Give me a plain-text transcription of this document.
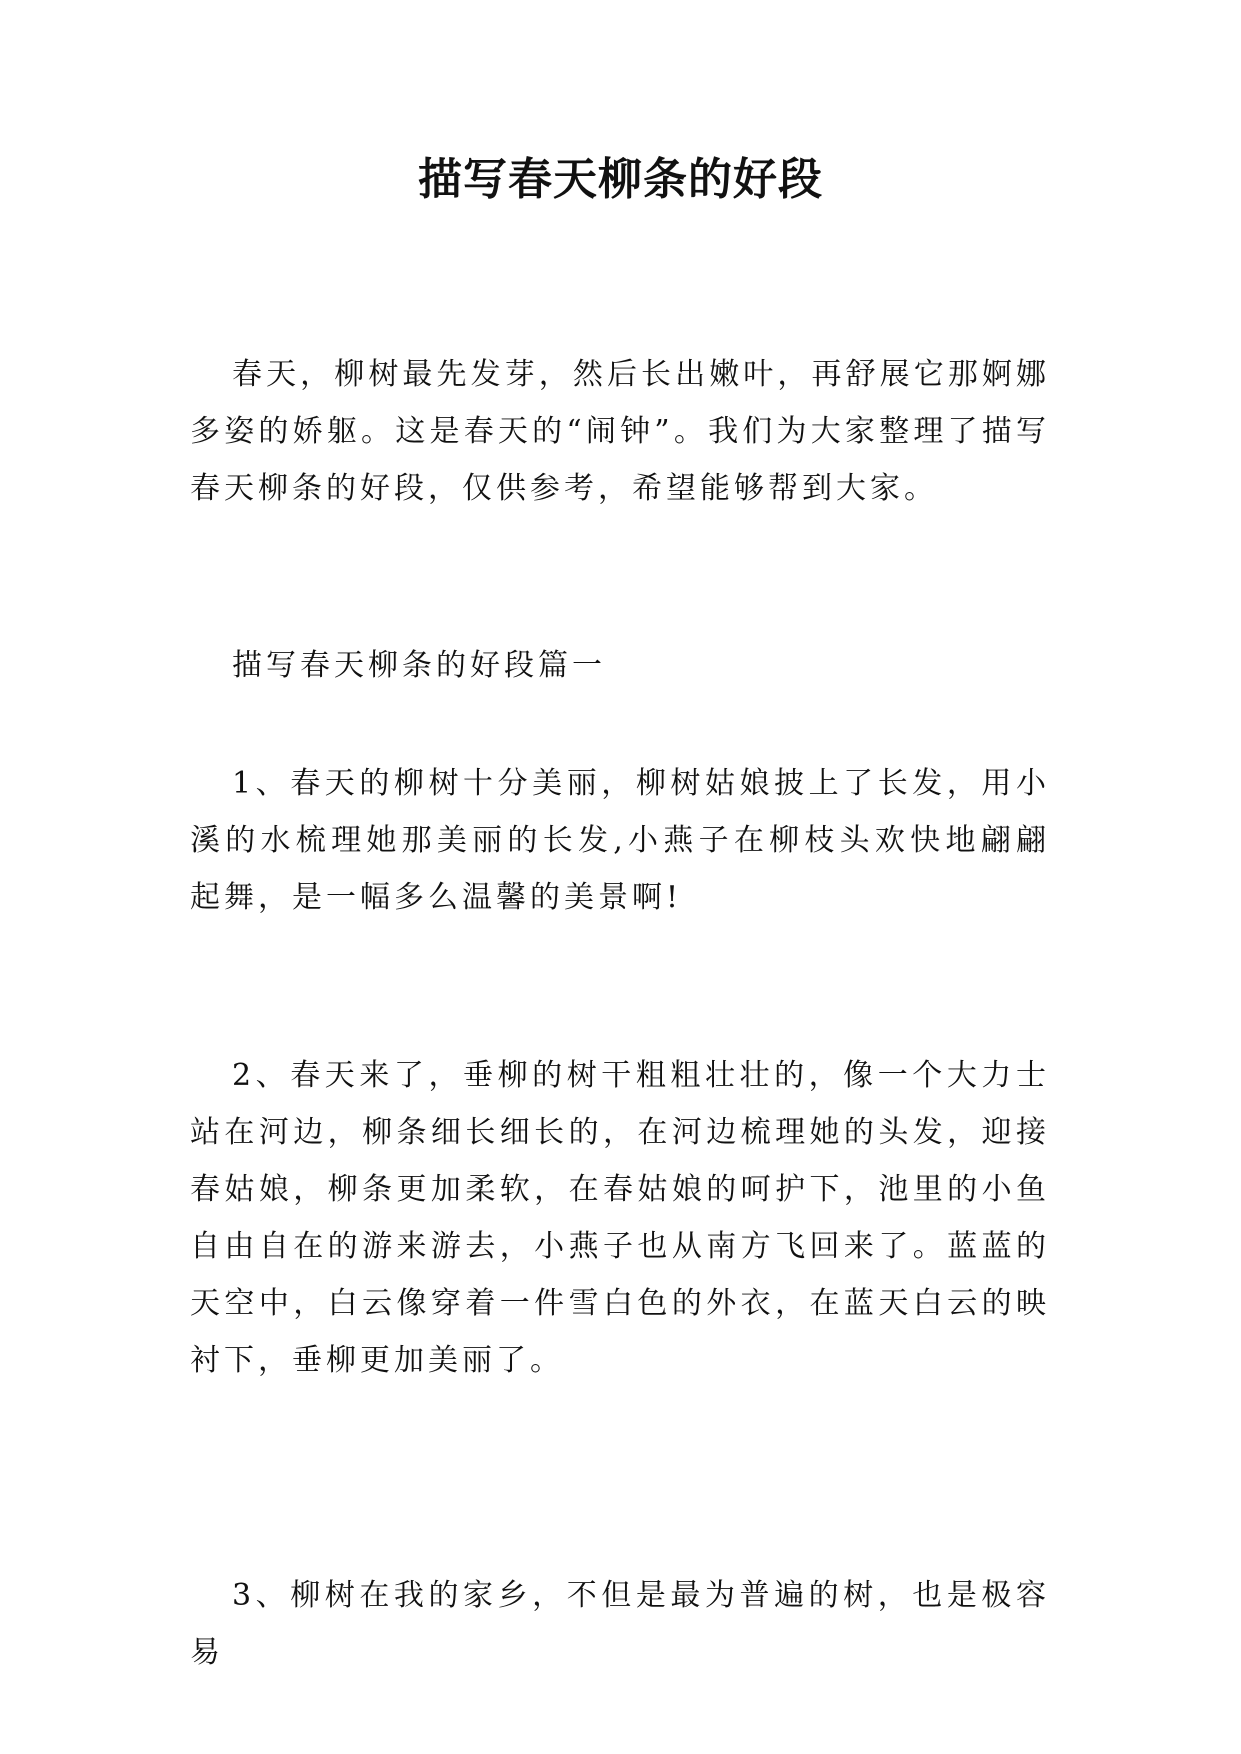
描写春天柳条的好段

春天，柳树最先发芽，然后长出嫩叶，再舒展它那婀娜多姿的娇躯。这是春天的“闹钟”。我们为大家整理了描写春天柳条的好段，仅供参考，希望能够帮到大家。

描写春天柳条的好段篇一

1、春天的柳树十分美丽，柳树姑娘披上了长发，用小溪的水梳理她那美丽的长发,小燕子在柳枝头欢快地翩翩起舞，是一幅多么温馨的美景啊!

2、春天来了，垂柳的树干粗粗壮壮的，像一个大力士站在河边，柳条细长细长的，在河边梳理她的头发，迎接春姑娘，柳条更加柔软，在春姑娘的呵护下，池里的小鱼自由自在的游来游去，小燕子也从南方飞回来了。蓝蓝的天空中，白云像穿着一件雪白色的外衣，在蓝天白云的映衬下，垂柳更加美丽了。

3、柳树在我的家乡，不但是最为普遍的树，也是极容易
